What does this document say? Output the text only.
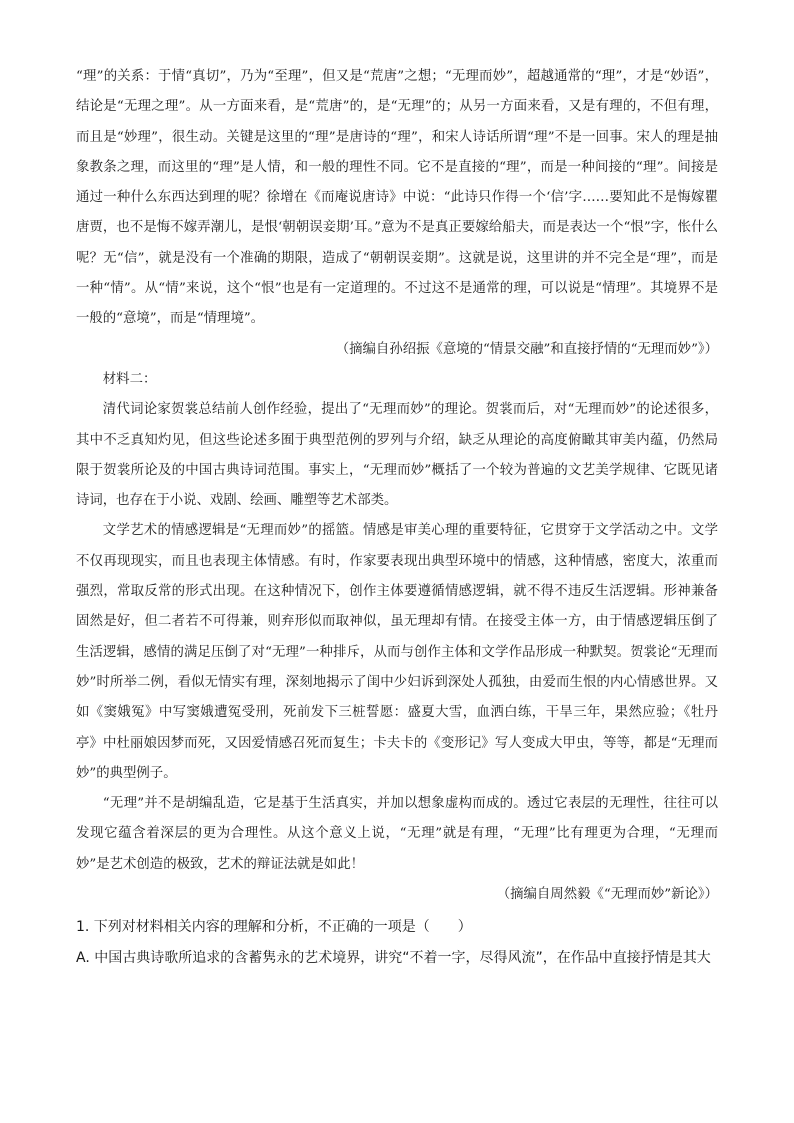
“理”的关系：于情“真切”，乃为“至理”，但又是“荒唐”之想；“无理而妙”，超越通常的“理”，才是“妙语”，结论是“无理之理”。从一方面来看，是“荒唐”的，是“无理”的；从另一方面来看，又是有理的，不但有理，而且是“妙理”，很生动。关键是这里的“理”是唐诗的“理”，和宋人诗话所谓“理”不是一回事。宋人的理是抽象教条之理，而这里的“理”是人情，和一般的理性不同。它不是直接的“理”，而是一种间接的“理”。间接是通过一种什么东西达到理的呢？徐增在《而庵说唐诗》中说：“此诗只作得一个‘信’字……要知此不是悔嫁瞿唐贾，也不是悔不嫁弄潮儿，是恨‘朝朝误妾期’耳。”意为不是真正要嫁给船夫，而是表达一个“恨”字，怅什么呢？无“信”，就是没有一个准确的期限，造成了“朝朝误妾期”。这就是说，这里讲的并不完全是“理”，而是一种“情”。从“情”来说，这个“恨”也是有一定道理的。不过这不是通常的理，可以说是“情理”。其境界不是一般的“意境”，而是“情理境”。

（摘编自孙绍振《意境的“情景交融”和直接抒情的“无理而妙”》）

材料二：

清代词论家贺裳总结前人创作经验，提出了“无理而妙”的理论。贺裳而后，对“无理而妙”的论述很多，其中不乏真知灼见，但这些论述多囿于典型范例的罗列与介绍，缺乏从理论的高度俯瞰其审美内蕴，仍然局限于贺裳所论及的中国古典诗词范围。事实上，“无理而妙”概括了一个较为普遍的文艺美学规律、它既见诸诗词，也存在于小说、戏剧、绘画、雕塑等艺术部类。

文学艺术的情感逻辑是“无理而妙”的摇篮。情感是审美心理的重要特征，它贯穿于文学活动之中。文学不仅再现现实，而且也表现主体情感。有时，作家要表现出典型环境中的情感，这种情感，密度大，浓重而强烈，常取反常的形式出现。在这种情况下，创作主体要遵循情感逻辑，就不得不违反生活逻辑。形神兼备固然是好，但二者若不可得兼，则弃形似而取神似，虽无理却有情。在接受主体一方，由于情感逻辑压倒了生活逻辑，感情的满足压倒了对“无理”一种排斥，从而与创作主体和文学作品形成一种默契。贺裳论“无理而妙”时所举二例，看似无情实有理，深刻地揭示了闺中少妇诉到深处人孤独，由爱而生恨的内心情感世界。又如《窦娥冤》中写窦娥遭冤受刑，死前发下三桩誓愿：盛夏大雪，血洒白练，干旱三年，果然应验；《牡丹亭》中杜丽娘因梦而死，又因爱情感召死而复生；卡夫卡的《变形记》写人变成大甲虫，等等，都是“无理而妙”的典型例子。

“无理”并不是胡编乱造，它是基于生活真实，并加以想象虚构而成的。透过它表层的无理性，往往可以发现它蕴含着深层的更为合理性。从这个意义上说，“无理”就是有理，“无理”比有理更为合理，“无理而妙”是艺术创造的极致，艺术的辩证法就是如此！

（摘编自周然毅《“无理而妙”新论》）

1. 下列对材料相关内容的理解和分析，不正确的一项是（　　）

A. 中国古典诗歌所追求的含蓄隽永的艺术境界，讲究“不着一字，尽得风流”，在作品中直接抒情是其大
